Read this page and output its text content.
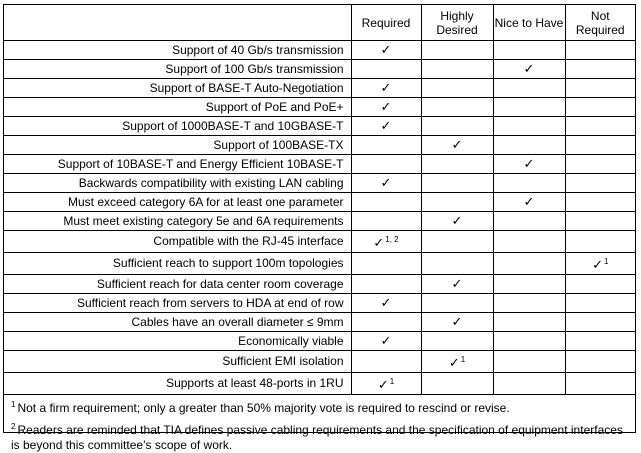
	Required	Highly Desired	Nice to Have	Not Required
Support of 40 Gb/s transmission	✓			
Support of 100 Gb/s transmission			✓	
Support of BASE-T Auto-Negotiation	✓			
Support of PoE and PoE+	✓			
Support of 1000BASE-T and 10GBASE-T	✓			
Support of 100BASE-TX		✓		
Support of 10BASE-T and Energy Efficient 10BASE-T			✓	
Backwards compatibility with existing LAN cabling	✓			
Must exceed category 6A for at least one parameter			✓	
Must meet existing category 5e and 6A requirements		✓		
Compatible with the RJ-45 interface	✓$^{1, 2}$			
Sufficient reach to support 100m topologies				✓$^1$
Sufficient reach for data center room coverage		✓		
Sufficient reach from servers to HDA at end of row	✓			
Cables have an overall diameter ≤ 9mm		✓		
Economically viable	✓			
Sufficient EMI isolation		✓$^1$		
Supports at least 48-ports in 1RU	✓$^1$			
$^1$ Not a firm requirement; only a greater than 50% majority vote is required to rescind or revise.
$^2$ Readers are reminded that TIA defines passive cabling requirements and the specification of equipment interfaces is beyond this committee’s scope of work.
